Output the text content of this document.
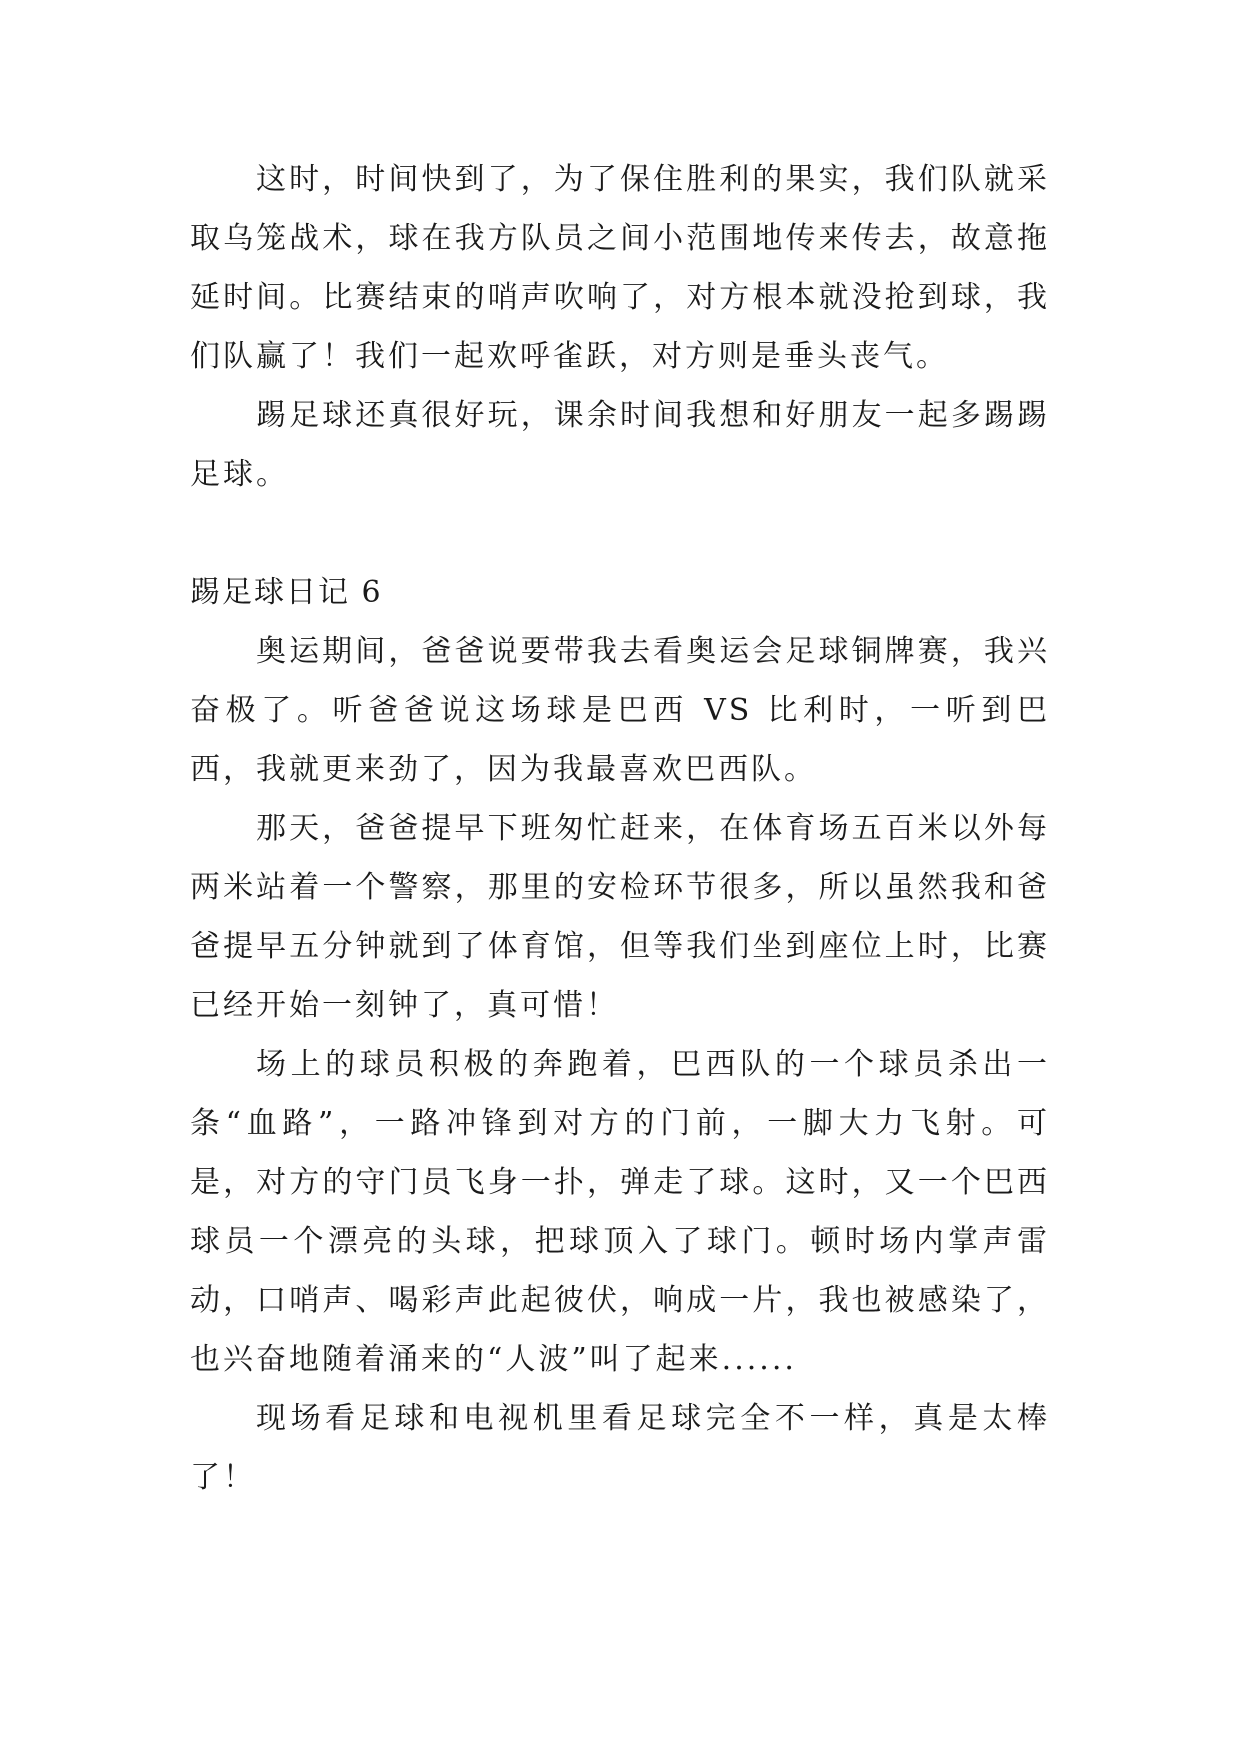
这时，时间快到了，为了保住胜利的果实，我们队就采取乌笼战术，球在我方队员之间小范围地传来传去，故意拖延时间。比赛结束的哨声吹响了，对方根本就没抢到球，我们队赢了！我们一起欢呼雀跃，对方则是垂头丧气。

踢足球还真很好玩，课余时间我想和好朋友一起多踢踢足球。

踢足球日记 6

奥运期间，爸爸说要带我去看奥运会足球铜牌赛，我兴奋极了。听爸爸说这场球是巴西 VS 比利时，一听到巴西，我就更来劲了，因为我最喜欢巴西队。

那天，爸爸提早下班匆忙赶来，在体育场五百米以外每两米站着一个警察，那里的安检环节很多，所以虽然我和爸爸提早五分钟就到了体育馆，但等我们坐到座位上时，比赛已经开始一刻钟了，真可惜！

场上的球员积极的奔跑着，巴西队的一个球员杀出一条“血路”，一路冲锋到对方的门前，一脚大力飞射。可是，对方的守门员飞身一扑，弹走了球。这时，又一个巴西球员一个漂亮的头球，把球顶入了球门。顿时场内掌声雷动，口哨声、喝彩声此起彼伏，响成一片，我也被感染了，也兴奋地随着涌来的“人波”叫了起来......

现场看足球和电视机里看足球完全不一样，真是太棒了！
